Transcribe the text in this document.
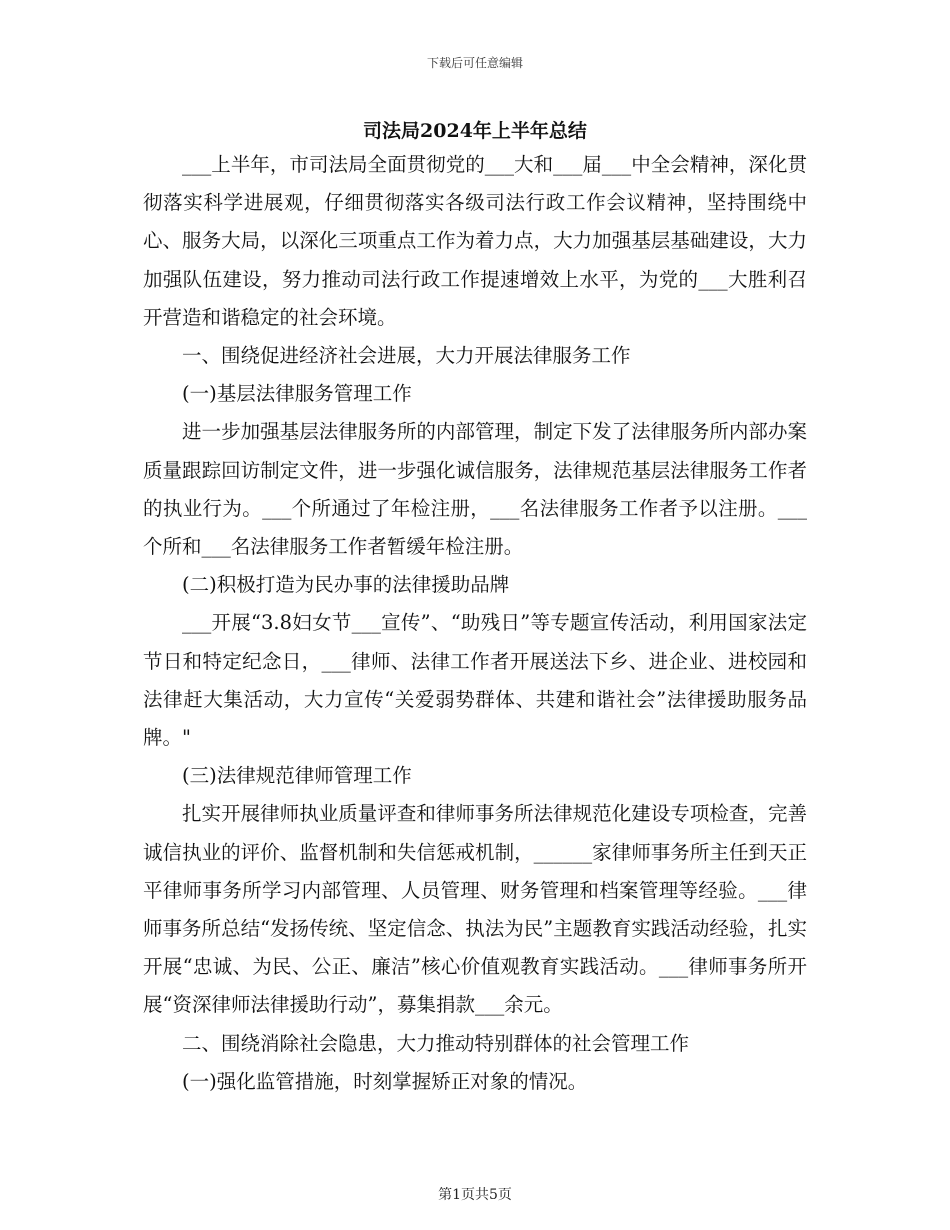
下载后可任意编辑
司法局2024年上半年总结

___上半年，市司法局全面贯彻党的___大和___届___中全会精神，深化贯彻落实科学进展观，仔细贯彻落实各级司法行政工作会议精神，坚持围绕中心、服务大局，以深化三项重点工作为着力点，大力加强基层基础建设，大力加强队伍建设，努力推动司法行政工作提速增效上水平，为党的___大胜利召开营造和谐稳定的社会环境。

一、围绕促进经济社会进展，大力开展法律服务工作

(一)基层法律服务管理工作

进一步加强基层法律服务所的内部管理，制定下发了法律服务所内部办案质量跟踪回访制定文件，进一步强化诚信服务，法律规范基层法律服务工作者的执业行为。___个所通过了年检注册，___名法律服务工作者予以注册。___个所和___名法律服务工作者暂缓年检注册。

(二)积极打造为民办事的法律援助品牌

___开展“3.8妇女节___宣传”、“助残日”等专题宣传活动，利用国家法定节日和特定纪念日，___律师、法律工作者开展送法下乡、进企业、进校园和法律赶大集活动，大力宣传“关爱弱势群体、共建和谐社会”法律援助服务品牌。"

(三)法律规范律师管理工作

扎实开展律师执业质量评查和律师事务所法律规范化建设专项检查，完善诚信执业的评价、监督机制和失信惩戒机制，______家律师事务所主任到天正平律师事务所学习内部管理、人员管理、财务管理和档案管理等经验。___律师事务所总结“发扬传统、坚定信念、执法为民”主题教育实践活动经验，扎实开展“忠诚、为民、公正、廉洁”核心价值观教育实践活动。___律师事务所开展“资深律师法律援助行动”，募集捐款___余元。

二、围绕消除社会隐患，大力推动特别群体的社会管理工作

(一)强化监管措施，时刻掌握矫正对象的情况。

第1页共5页
